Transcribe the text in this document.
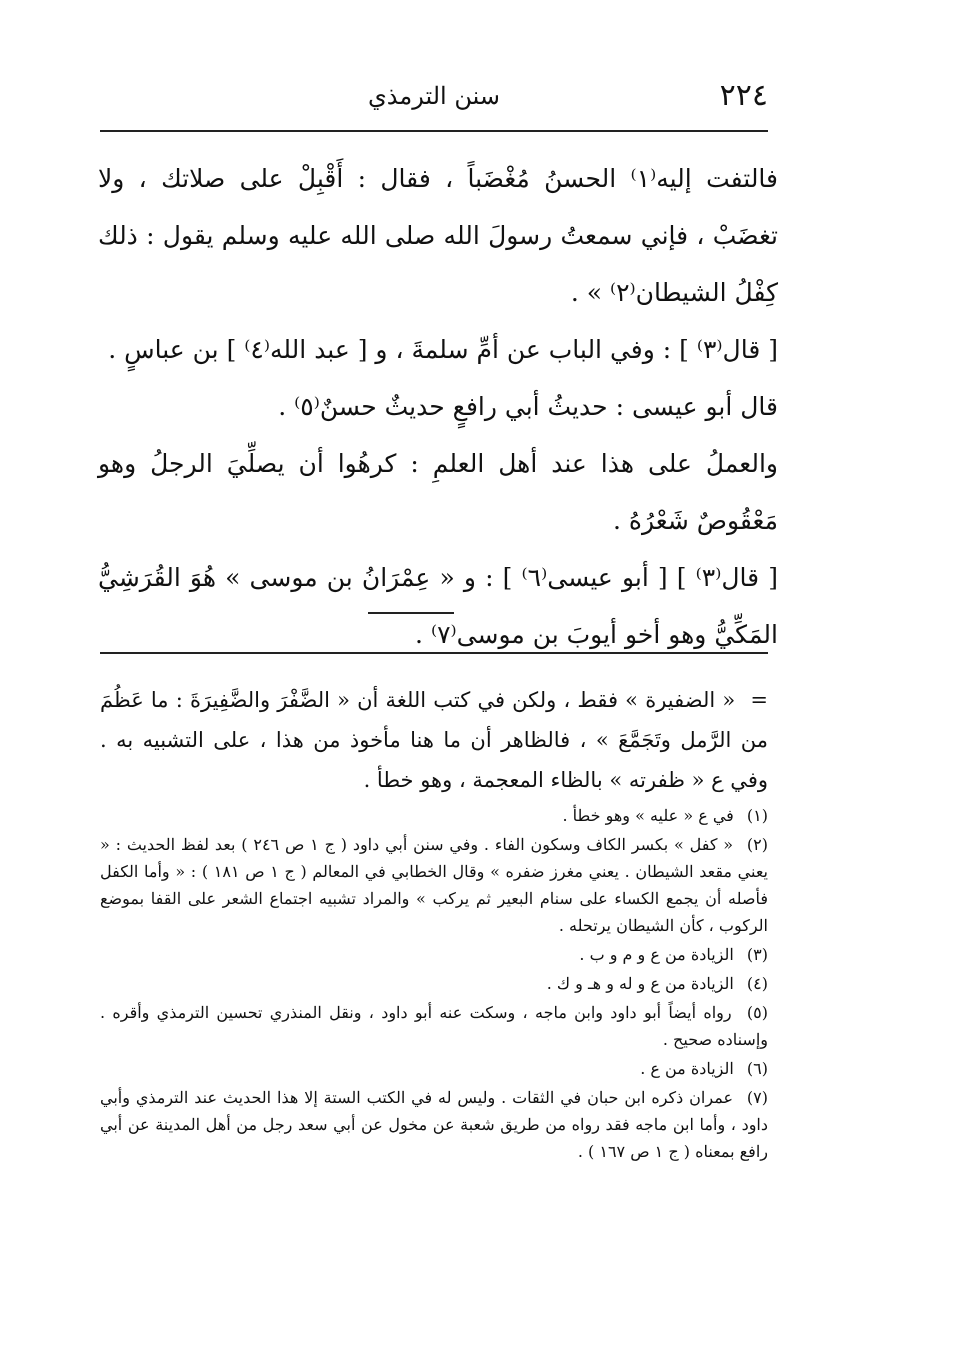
٢٢٤
سنن الترمذي

فالتفت إليه⁽١⁾ الحسنُ مُغْضَباً ، فقال : أَقْبِلْ على صلاتك ، ولا تغضَبْ ، فإني سمعتُ رسولَ الله صلى الله عليه وسلم يقول : ذلك كِفْلُ الشيطان⁽٢⁾ » .

[ قال⁽٣⁾ ] : وفي الباب عن أمِّ سلمةَ ، و [ عبد الله⁽٤⁾ ] بن عباسٍ .

قال أبو عيسى : حديثُ أبي رافعٍ حديثٌ حسنٌ⁽٥⁾ .

والعملُ على هذا عند أهل العلمِ : كرهُوا أن يصلِّيَ الرجلُ وهو مَعْقُوصٌ شَعْرُهُ .

[ قال⁽٣⁾ ] [ أبو عيسى⁽٦⁾ ] : و « عِمْرَانُ بن موسى » هُوَ القُرَشِيُّ المَكِّيُّ وهو أخو أيوبَ بن موسى⁽٧⁾ .

= « الضفيرة » فقط ، ولكن في كتب اللغة أن « الضَّفْرَ والضَّفِيرَةَ : ما عَظُمَ من الرَّمل وتَجَمَّعَ » ، فالظاهر أن ما هنا مأخوذ من هذا ، على التشبيه به . وفي ع « ظفرته » بالظاء المعجمة ، وهو خطأ .

(١) في ع « عليه » وهو خطأ .

(٢) « كفل » بكسر الكاف وسكون الفاء . وفي سنن أبي داود ( ج ١ ص ٢٤٦ ) بعد لفظ الحديث : « يعني مقعد الشيطان . يعني مغرز ضفره » وقال الخطابي في المعالم ( ج ١ ص ١٨١ ) : « وأما الكفل فأصله أن يجمع الكساء على سنام البعير ثم يركب » والمراد تشبيه اجتماع الشعر على القفا بموضع الركوب ، كأن الشيطان يرتحله .

(٣) الزيادة من ع و م و ب .

(٤) الزيادة من ع و له و هـ و ك .

(٥) رواه أيضاً أبو داود وابن ماجه ، وسكت عنه أبو داود ، ونقل المنذري تحسين الترمذي وأقره . وإسناده صحيح .

(٦) الزيادة من ع .

(٧) عمران ذكره ابن حبان في الثقات . وليس له في الكتب الستة إلا هذا الحديث عند الترمذي وأبي داود ، وأما ابن ماجه فقد رواه من طريق شعبة عن مخول عن أبي سعد رجل من أهل المدينة عن أبي رافع بمعناه ( ج ١ ص ١٦٧ ) .
